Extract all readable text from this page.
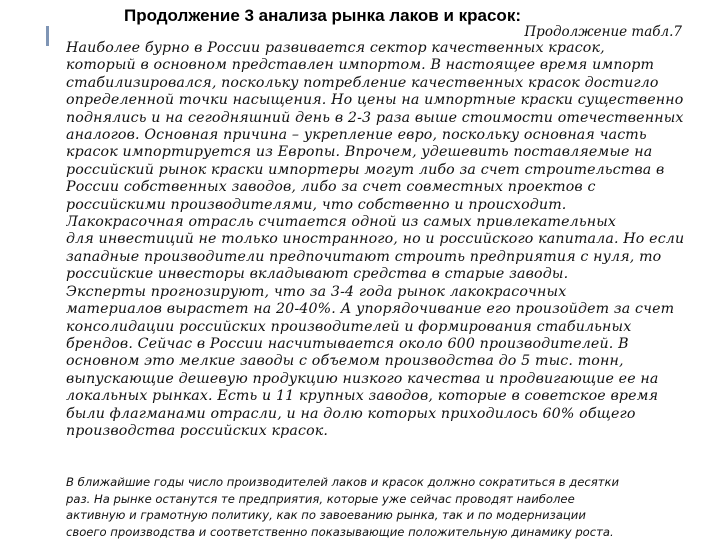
Продолжение 3 анализа рынка лаков и красок:
Продолжение табл.7
Наиболее бурно в России развивается сектор качественных красок,
который в основном представлен импортом. В настоящее время импорт
стабилизировался, поскольку потребление качественных красок достигло
определенной точки насыщения. Но цены на импортные краски существенно
поднялись и на сегодняшний день в 2-3 раза выше стоимости отечественных
аналогов. Основная причина – укрепление евро, поскольку основная часть
красок импортируется из Европы. Впрочем, удешевить поставляемые на
российский рынок краски импортеры могут либо за счет строительства в
России собственных заводов, либо за счет совместных проектов с
российскими производителями, что собственно и происходит.
Лакокрасочная отрасль считается одной из самых привлекательных
для инвестиций не только иностранного, но и российского капитала. Но если
западные производители предпочитают строить предприятия с нуля, то
российские инвесторы вкладывают средства в старые заводы.
Эксперты прогнозируют, что за 3-4 года рынок лакокрасочных
материалов вырастет на 20-40%. А упорядочивание его произойдет за счет
консолидации российских производителей и формирования стабильных
брендов. Сейчас в России насчитывается около 600 производителей. В
основном это мелкие заводы с объемом производства до 5 тыс. тонн,
выпускающие дешевую продукцию низкого качества и продвигающие ее на
локальных рынках. Есть и 11 крупных заводов, которые в советское время
были флагманами отрасли, и на долю которых приходилось 60% общего
производства российских красок.
В ближайшие годы число производителей лаков и красок должно сократиться в десятки
раз. На рынке останутся те предприятия, которые уже сейчас проводят наиболее
активную и грамотную политику, как по завоеванию рынка, так и по модернизации
своего производства и соответственно показывающие положительную динамику роста.
